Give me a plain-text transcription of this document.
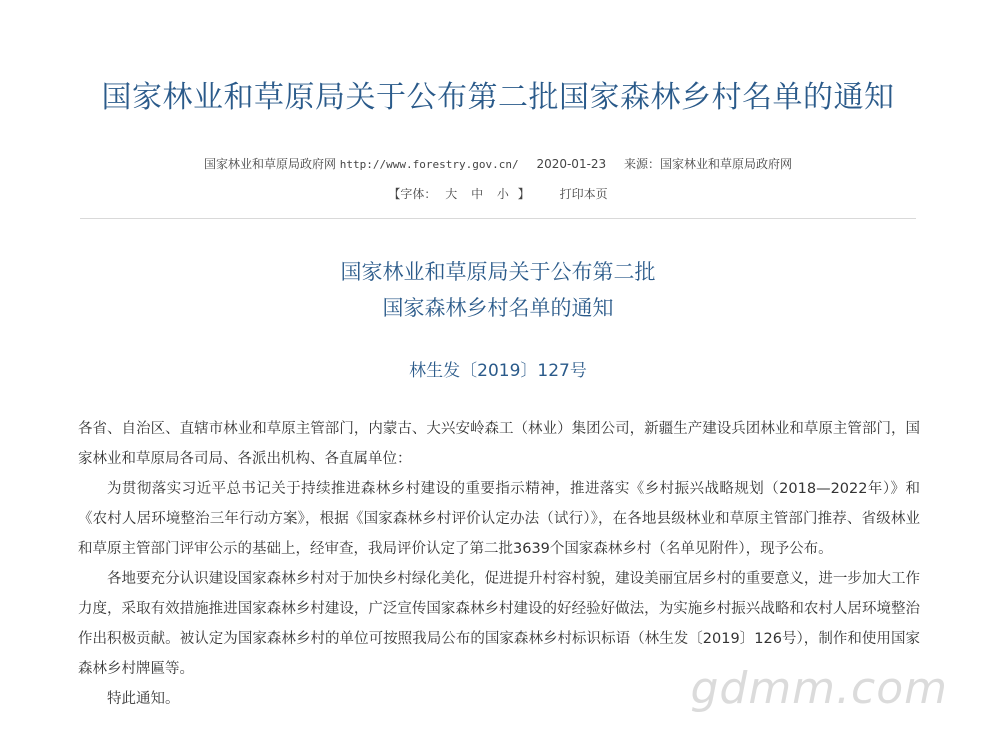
国家林业和草原局关于公布第二批国家森林乡村名单的通知
国家林业和草原局政府网 http://www.forestry.gov.cn/ 2020-01-23 来源：国家林业和草原局政府网
【字体： 大 中 小 】 打印本页
国家林业和草原局关于公布第二批
国家森林乡村名单的通知
林生发〔2019〕127号

各省、自治区、直辖市林业和草原主管部门，内蒙古、大兴安岭森工（林业）集团公司，新疆生产建设兵团林业和草原主管部门，国家林业和草原局各司局、各派出机构、各直属单位：

为贯彻落实习近平总书记关于持续推进森林乡村建设的重要指示精神，推进落实《乡村振兴战略规划（2018—2022年）》和《农村人居环境整治三年行动方案》，根据《国家森林乡村评价认定办法（试行）》，在各地县级林业和草原主管部门推荐、省级林业和草原主管部门评审公示的基础上，经审查，我局评价认定了第二批3639个国家森林乡村（名单见附件），现予公布。

各地要充分认识建设国家森林乡村对于加快乡村绿化美化，促进提升村容村貌，建设美丽宜居乡村的重要意义，进一步加大工作力度，采取有效措施推进国家森林乡村建设，广泛宣传国家森林乡村建设的好经验好做法，为实施乡村振兴战略和农村人居环境整治作出积极贡献。被认定为国家森林乡村的单位可按照我局公布的国家森林乡村标识标语（林生发〔2019〕126号），制作和使用国家森林乡村牌匾等。

特此通知。	gdmm.com
